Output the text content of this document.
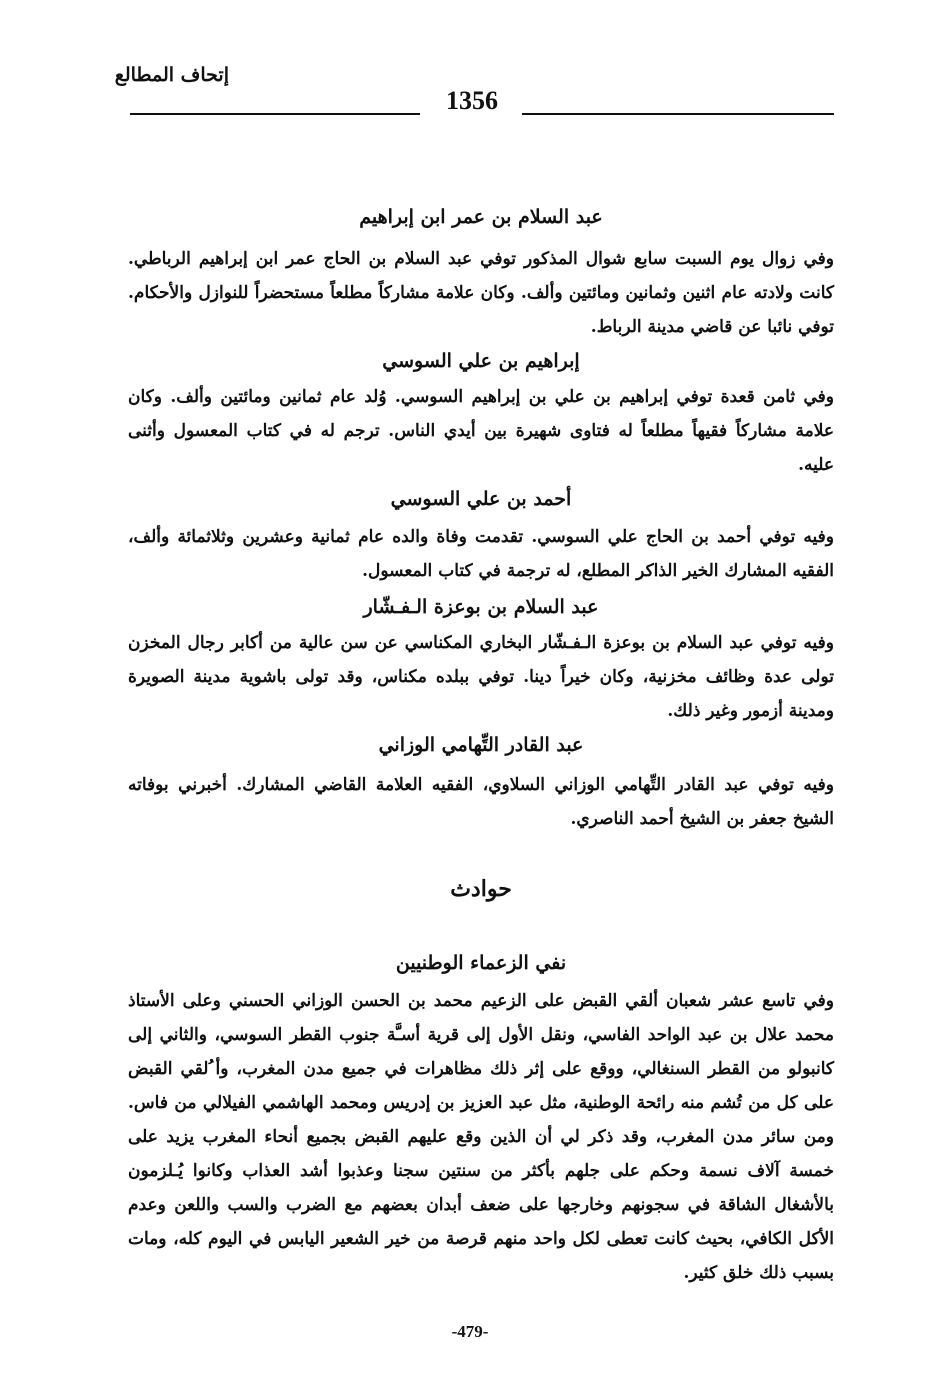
إتحاف المطالع
1356
عبد السلام بن عمر ابن إبراهيم

وفي زوال يوم السبت سابع شوال المذكور توفي عبد السلام بن الحاج عمر ابن إبراهيم الرباطي. كانت ولادته عام اثنين وثمانين ومائتين وألف. وكان علامة مشاركاً مطلعاً مستحضراً للنوازل والأحكام. توفي نائبا عن قاضي مدينة الرباط.

إبراهيم بن علي السوسي

وفي ثامن قعدة توفي إبراهيم بن علي بن إبراهيم السوسي. وُلد عام ثمانين ومائتين وألف. وكان علامة مشاركاً فقيهاً مطلعاً له فتاوى شهيرة بين أيدي الناس. ترجم له في كتاب المعسول وأثنى عليه.

أحمد بن علي السوسي

وفيه توفي أحمد بن الحاج علي السوسي. تقدمت وفاة والده عام ثمانية وعشرين وثلاثمائة وألف، الفقيه المشارك الخير الذاكر المطلع، له ترجمة في كتاب المعسول.

عبد السلام بن بوعزة الـفـشّار

وفيه توفي عبد السلام بن بوعزة الـفـشّار البخاري المكناسي عن سن عالية من أكابر رجال المخزن تولى عدة وظائف مخزنية، وكان خيراً دينا. توفي ببلده مكناس، وقد تولى باشوية مدينة الصويرة ومدينة أزمور وغير ذلك.

عبد القادر التِّهامي الوزاني

وفيه توفي عبد القادر التِّهامي الوزاني السلاوي، الفقيه العلامة القاضي المشارك. أخبرني بوفاته الشيخ جعفر بن الشيخ أحمد الناصري.

حوادث
نفي الزعماء الوطنيين

وفي تاسع عشر شعبان ألقي القبض على الزعيم محمد بن الحسن الوزاني الحسني وعلى الأستاذ محمد علال بن عبد الواحد الفاسي، ونقل الأول إلى قرية أسـَّة جنوب القطر السوسي، والثاني إلى كانبولو من القطر السنغالي، ووقع على إثر ذلك مظاهرات في جميع مدن المغرب، وأ ُلقي القبض على كل من تُشم منه رائحة الوطنية، مثل عبد العزيز بن إدريس ومحمد الهاشمي الفيلالي من فاس. ومن سائر مدن المغرب، وقد ذكر لي أن الذين وقع عليهم القبض بجميع أنحاء المغرب يزيد على خمسة آلاف نسمة وحكم على جلهم بأكثر من سنتين سجنا وعذبوا أشد العذاب وكانوا يُـلزمون بالأشغال الشاقة في سجونهم وخارجها على ضعف أبدان بعضهم مع الضرب والسب واللعن وعدم الأكل الكافي، بحيث كانت تعطى لكل واحد منهم قرصة من خير الشعير اليابس في اليوم كله، ومات بسبب ذلك خلق كثير.

-479-
